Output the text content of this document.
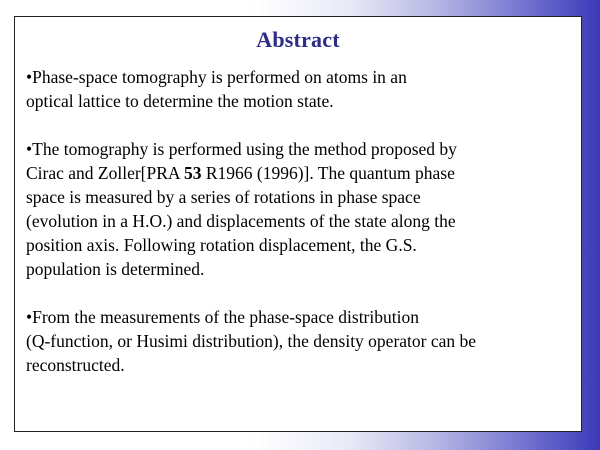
Abstract

•Phase-space tomography is performed on atoms in an
optical lattice to determine the motion state.

•The tomography is performed using the method proposed by
Cirac and Zoller[PRA 53 R1966 (1996)]. The quantum phase
space is measured by a series of rotations in phase space
(evolution in a H.O.) and displacements of the state along the
position axis. Following rotation displacement, the G.S.
population is determined.

•From the measurements of the phase-space distribution
(Q-function, or Husimi distribution), the density operator can be
reconstructed.
